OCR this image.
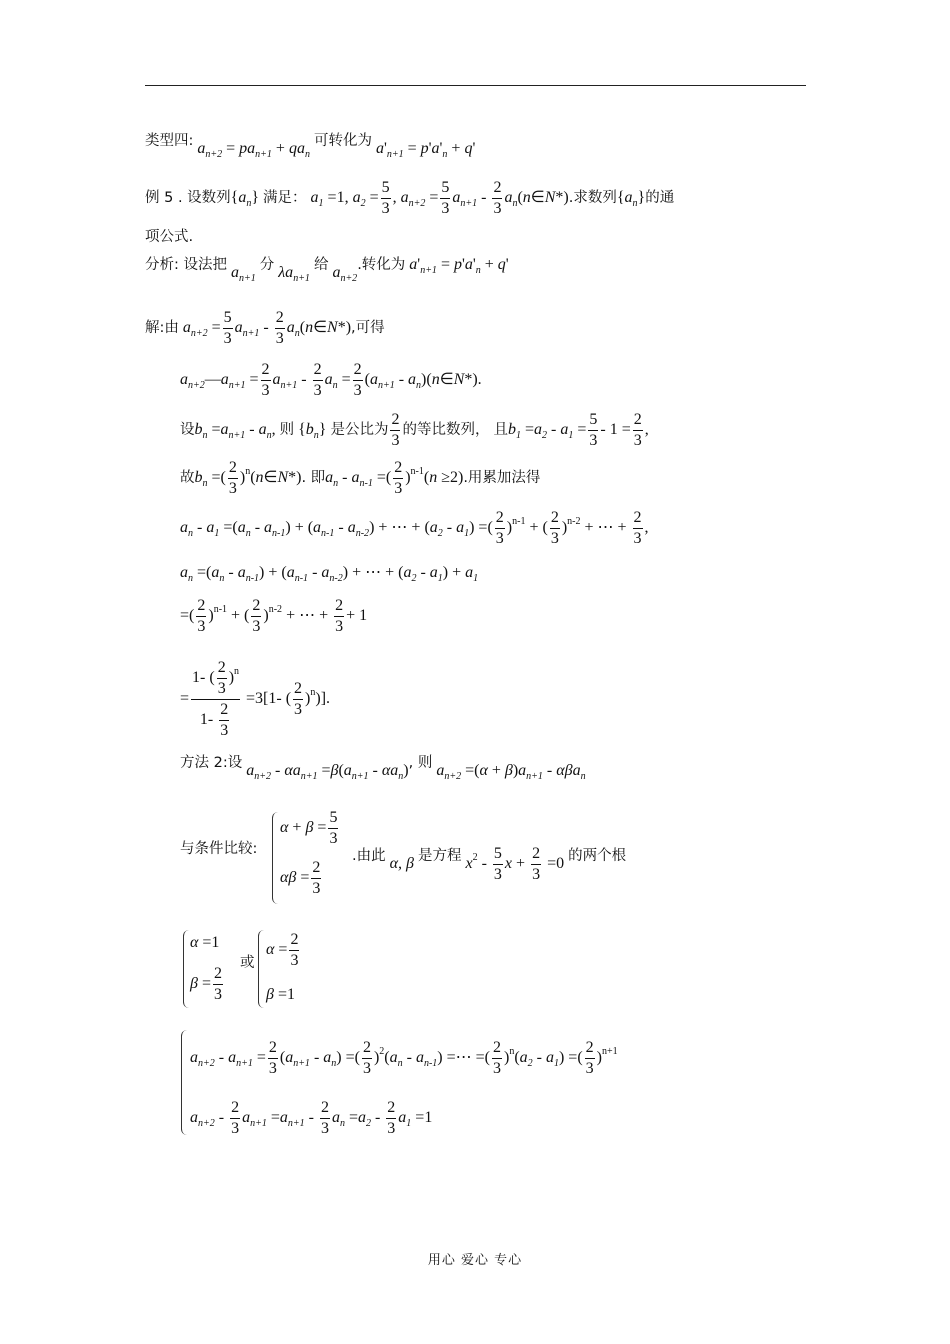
类型四: $a_{n+2} = pa_{n+1} + qa_n$ 可转化为 $a'_{n+1} = p'a'_n + q'$
例 5 . 设数列$\{a_n\}$ 满足： $a_1 =1$, $a_2 = \frac{5}{3}$ , $a_{n+2} = \frac{5}{3} a_{n+1} - \frac{2}{3}$ $a_n(n\in N*)$.求数列$\{a_n\}$的通
项公式.
分析: 设法把 $a_{n+1}$ 分 $\lambda a_{n+1}$ 给 $a_{n+2}$.转化为 $a'_{n+1} = p'a'_n + q'$
解:由 $a_{n+2} = \frac{5}{3} a_{n+1} - \frac{2}{3}$ $a_n(n\in N*)$,可得
$a_{n+2}—a_{n+1} = \frac{2}{3} a_{n+1} - \frac{2}{3} a_n = \frac{2}{3} (a_{n+1}$ - $a_n)(n\in N*)$.
设$b_n =a_{n+1} - a_n$, 则 $\{b_n\}$ 是公比为 $\frac{2}{3}$ 的等比数列， 且$b_1 =a_2 - a_1 = \frac{5}{3} - 1 = \frac{2}{3}$ ,
故$b_n$ =( $\frac{2}{3}$ )$^n$(n∈N*). 即$a_n - a_{n-1}$ =( $\frac{2}{3} )^{n-1}(n \ge 2)$.用累加法得
$a_n - a_1 =(a_n - a_{n-1}) + (a_{n-1} - a_{n-2})$ + ⋯ + $(a_2 - a_1)$ =( $\frac{2}{3} )^{n-1}$ + ( $\frac{2}{3} )^{n-2}$ + ⋯ + $\frac{2}{3}$ ,
$a_n =(a_n - a_{n-1}) + (a_{n-1} - a_{n-2})$ + ⋯ + $(a_2 - a_1) + a_1$
=( $\frac{2}{3} )^{n-1}$ + ( $\frac{2}{3} )^{n-2}$ + ⋯ + $\frac{2}{3} + 1$
= $\frac{1- ( \frac{2}{3} )^n}{1- \frac{2}{3}} =3[1-$ ( $\frac{2}{3} )^n$)].
方法 2:设 $a_{n+2} - \alpha a_{n+1} =\beta(a_{n+1} - \alpha a_n)$, 则 $a_{n+2} =(\alpha + \beta)a_{n+1} - \alpha\beta a_n$
与条件比较:
$\alpha + \beta = \frac{5}{3}$
$\alpha\beta = \frac{2}{3}$
.由此 α, β 是方程 $x^2 - \frac{5}{3}$ $x + \frac{2}{3} =0$ 的两个根
α =1
$\beta = \frac{2}{3}$
或
$\alpha = \frac{2}{3}$
β =1
$a_{n+2} - a_{n+1} = \frac{2}{3} (a_{n+1} - a_n)$ =( $\frac{2}{3} )^2(a_n - a_{n-1})$ =⋯ =( $\frac{2}{3} )^n(a_2 - a_1)$ =( $\frac{2}{3} )^{n+1}$
$a_{n+2} - \frac{2}{3} a_{n+1} =a_{n+1} - \frac{2}{3} a_n =a_2 - \frac{2}{3} a_1 =1$
用心 爱心 专心
